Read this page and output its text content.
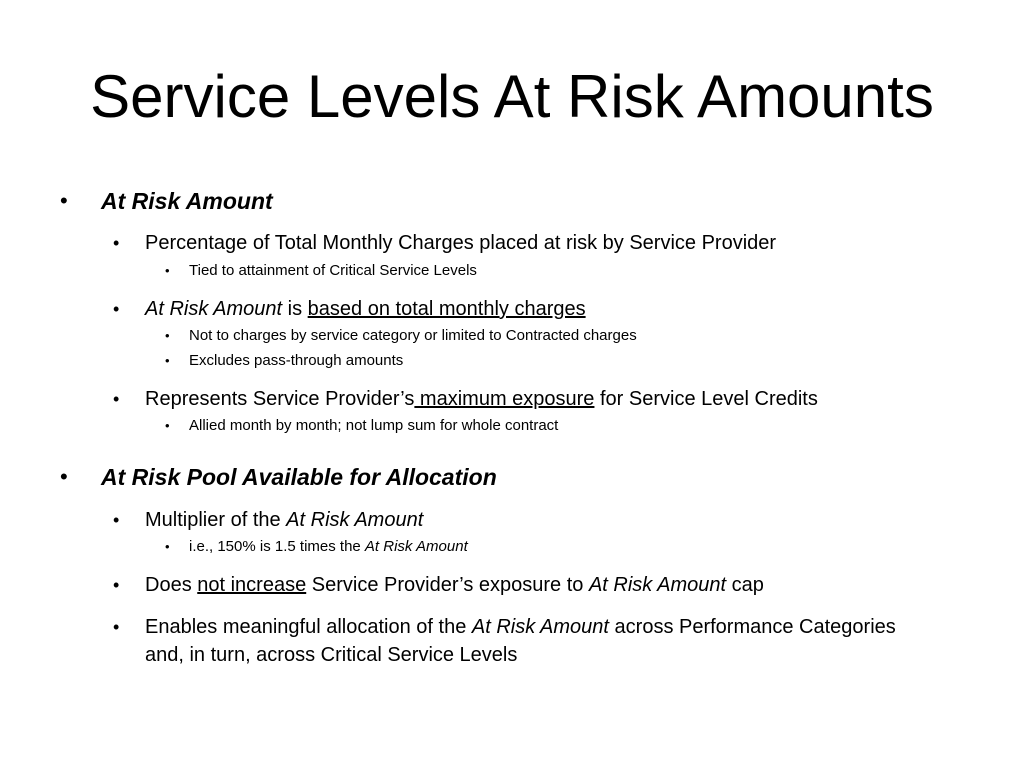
Service Levels At Risk Amounts
• At Risk Amount
• Percentage of Total Monthly Charges placed at risk by Service Provider
• Tied to attainment of Critical Service Levels
• At Risk Amount is based on total monthly charges
• Not to charges by service category or limited to Contracted charges
• Excludes pass-through amounts
• Represents Service Provider’s maximum exposure for Service Level Credits
• Allied month by month; not lump sum for whole contract
• At Risk Pool Available for Allocation
• Multiplier of the At Risk Amount
• i.e., 150% is 1.5 times the At Risk Amount
• Does not increase Service Provider’s exposure to At Risk Amount cap
• Enables meaningful allocation of the At Risk Amount across Performance Categories and, in turn, across Critical Service Levels
